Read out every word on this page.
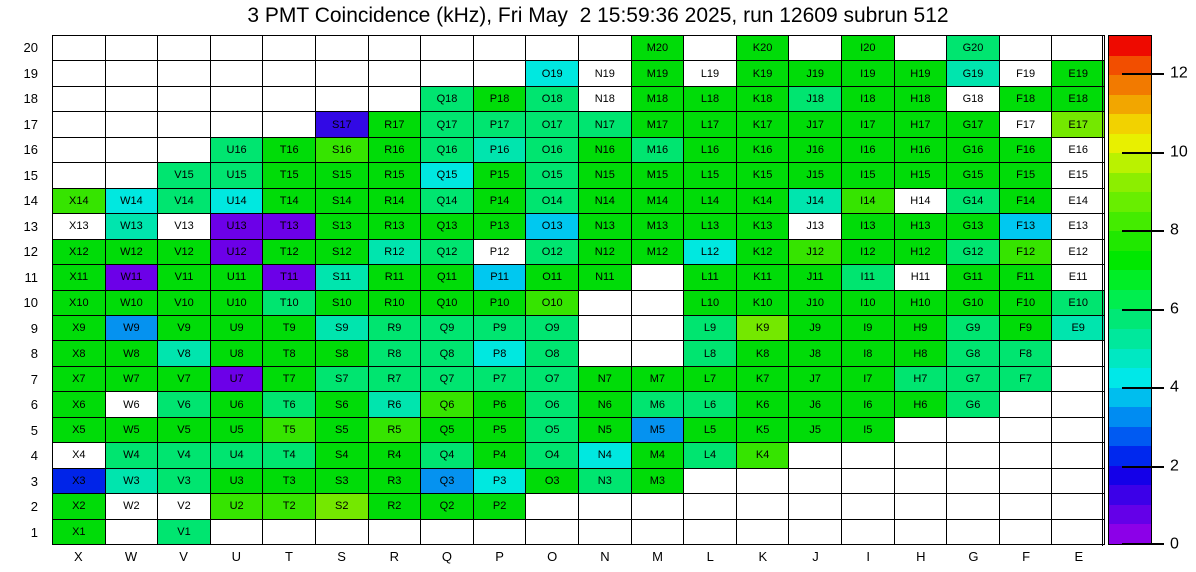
3 PMT Coincidence (kHz), Fri May  2 15:59:36 2025, run 12609 subrun 512
20
19
18
17
16
15
14
13
12
11
10
9
8
7
6
5
4
3
2
1
M20	K20	I20	G20
O19	N19	M19	L19	K19	J19	I19	H19	G19	F19	E19
Q18	P18	O18	N18	M18	L18	K18	J18	I18	H18	G18	F18	E18
S17	R17	Q17	P17	O17	N17	M17	L17	K17	J17	I17	H17	G17	F17	E17
U16	T16	S16	R16	Q16	P16	O16	N16	M16	L16	K16	J16	I16	H16	G16	F16	E16
V15	U15	T15	S15	R15	Q15	P15	O15	N15	M15	L15	K15	J15	I15	H15	G15	F15	E15
X14	W14	V14	U14	T14	S14	R14	Q14	P14	O14	N14	M14	L14	K14	J14	I14	H14	G14	F14	E14
X13	W13	V13	U13	T13	S13	R13	Q13	P13	O13	N13	M13	L13	K13	J13	I13	H13	G13	F13	E13
X12	W12	V12	U12	T12	S12	R12	Q12	P12	O12	N12	M12	L12	K12	J12	I12	H12	G12	F12	E12
X11	W11	V11	U11	T11	S11	R11	Q11	P11	O11	N11	L11	K11	J11	I11	H11	G11	F11	E11
X10	W10	V10	U10	T10	S10	R10	Q10	P10	O10	L10	K10	J10	I10	H10	G10	F10	E10
X9	W9	V9	U9	T9	S9	R9	Q9	P9	O9	L9	K9	J9	I9	H9	G9	F9	E9
X8	W8	V8	U8	T8	S8	R8	Q8	P8	O8	L8	K8	J8	I8	H8	G8	F8
X7	W7	V7	U7	T7	S7	R7	Q7	P7	O7	N7	M7	L7	K7	J7	I7	H7	G7	F7
X6	W6	V6	U6	T6	S6	R6	Q6	P6	O6	N6	M6	L6	K6	J6	I6	H6	G6
X5	W5	V5	U5	T5	S5	R5	Q5	P5	O5	N5	M5	L5	K5	J5	I5
X4	W4	V4	U4	T4	S4	R4	Q4	P4	O4	N4	M4	L4	K4
X3	W3	V3	U3	T3	S3	R3	Q3	P3	O3	N3	M3
X2	W2	V2	U2	T2	S2	R2	Q2	P2
X1	V1
X	W	V	U	T	S	R	Q	P	O	N	M	L	K	J	I	H	G	F	E
12
10
8
6
4
2
0
